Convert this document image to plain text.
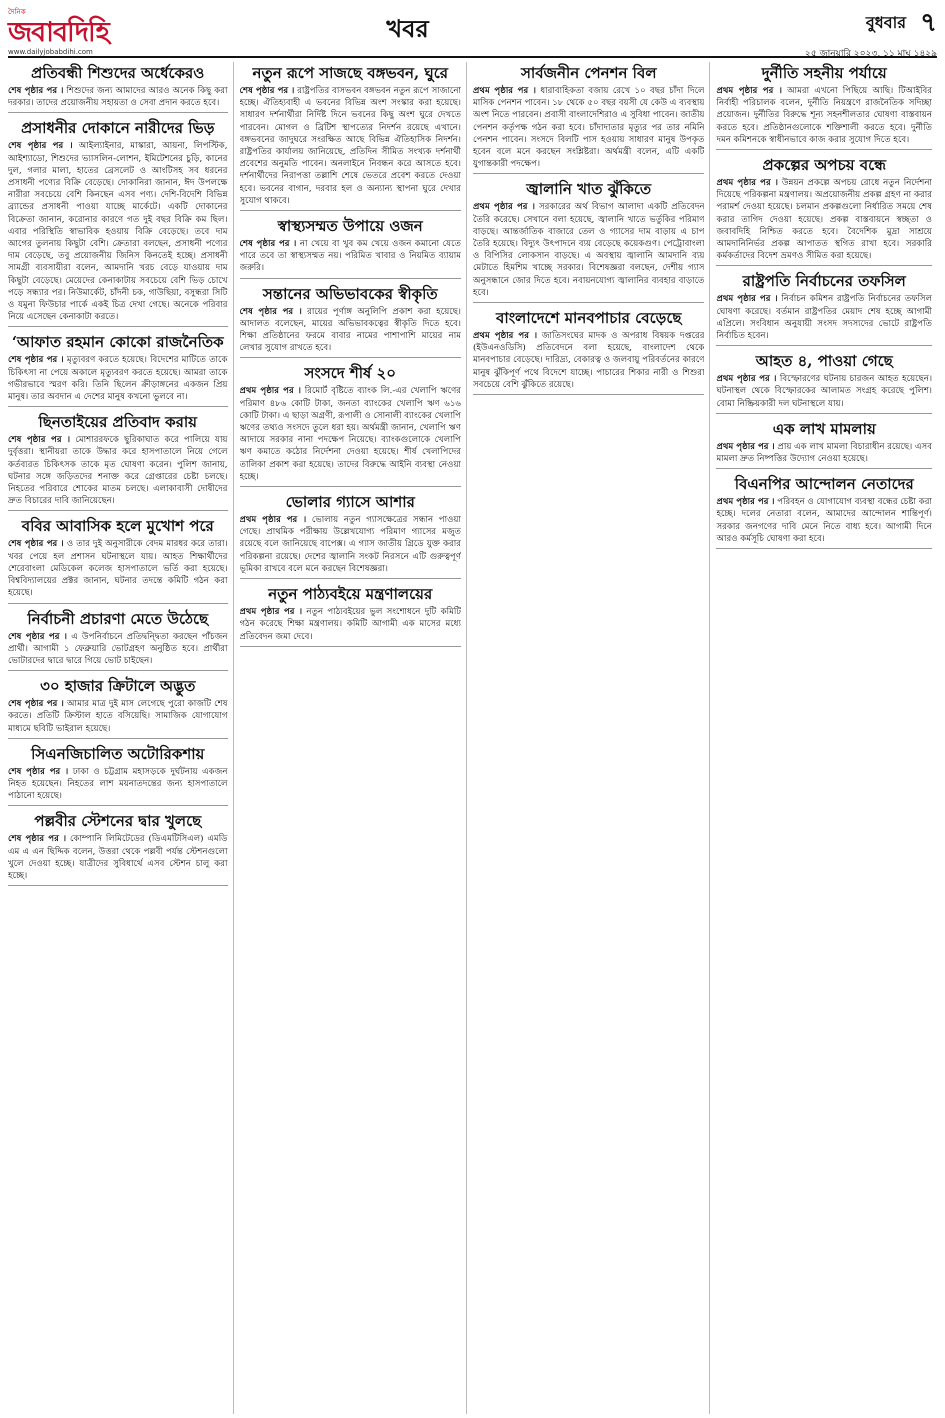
দৈনিক
জবাবদিহি
www.dailyjobabdihi.com
খবর	বুধবার ৭
২৫ জানুয়ারি ২০২৩, ১১ মাঘ ১৪২৯
প্রতিবন্ধী শিশুদের অর্ধেকেরও

শেষ পৃষ্ঠার পর । শিশুদের জন্য আমাদের আরও অনেক কিছু করা দরকার। তাদের প্রয়োজনীয় সহায়তা ও সেবা প্রদান করতে হবে।

প্রসাধনীর দোকানে নারীদের ভিড়

শেষ পৃষ্ঠার পর । আইল্যাইনার, মাস্কারা, আয়না, লিপস্টিক, আইশ্যাডো, শিশুদের ভ্যাসলিন-লোশন, ইমিটেশনের চুড়ি, কানের দুল, গলার মালা, হাতের ব্রেসলেট ও আংটিসহ সব ধরনের প্রসাধনী পণ্যের বিক্রি বেড়েছে। দোকানিরা জানান, ঈদ উপলক্ষে নারীরা সবচেয়ে বেশি কিনছেন এসব পণ্য। দেশি-বিদেশি বিভিন্ন ব্র্যান্ডের প্রসাধনী পাওয়া যাচ্ছে মার্কেটে। একটি দোকানের বিক্রেতা জানান, করোনার কারণে গত দুই বছর বিক্রি কম ছিল। এবার পরিস্থিতি স্বাভাবিক হওয়ায় বিক্রি বেড়েছে। তবে দাম আগের তুলনায় কিছুটা বেশি। ক্রেতারা বলছেন, প্রসাধনী পণ্যের দাম বেড়েছে, তবু প্রয়োজনীয় জিনিস কিনতেই হচ্ছে। প্রসাধনী সামগ্রী ব্যবসায়ীরা বলেন, আমদানি খরচ বেড়ে যাওয়ায় দাম কিছুটা বেড়েছে। মেয়েদের কেনাকাটায় সবচেয়ে বেশি ভিড় চোখে পড়ে সন্ধ্যার পর। নিউমার্কেট, চাঁদনী চক, গাউছিয়া, বসুন্ধরা সিটি ও যমুনা ফিউচার পার্কে একই চিত্র দেখা গেছে। অনেকে পরিবার নিয়ে এসেছেন কেনাকাটা করতে।

‘আফাত রহমান কোকো রাজনৈতিক

শেষ পৃষ্ঠার পর । মৃত্যুবরণ করতে হয়েছে। বিদেশের মাটিতে তাকে চিকিৎসা না পেয়ে অকালে মৃত্যুবরণ করতে হয়েছে। আমরা তাকে গভীরভাবে স্মরণ করি। তিনি ছিলেন ক্রীড়াঙ্গনের একজন প্রিয় মানুষ। তার অবদান এ দেশের মানুষ কখনো ভুলবে না।

ছিনতাইয়ের প্রতিবাদ করায়

শেষ পৃষ্ঠার পর । মোশাররফকে ছুরিকাঘাত করে পালিয়ে যায় দুর্বৃত্তরা। স্থানীয়রা তাকে উদ্ধার করে হাসপাতালে নিয়ে গেলে কর্তব্যরত চিকিৎসক তাকে মৃত ঘোষণা করেন। পুলিশ জানায়, ঘটনার সঙ্গে জড়িতদের শনাক্ত করে গ্রেপ্তারের চেষ্টা চলছে। নিহতের পরিবারে শোকের মাতম চলছে। এলাকাবাসী দোষীদের দ্রুত বিচারের দাবি জানিয়েছেন।

ববির আবাসিক হলে মুখোশ পরে

শেষ পৃষ্ঠার পর । ও তার দুই অনুসারীকে বেদম মারধর করে তারা। খবর পেয়ে হল প্রশাসন ঘটনাস্থলে যায়। আহত শিক্ষার্থীদের শেরেবাংলা মেডিকেল কলেজ হাসপাতালে ভর্তি করা হয়েছে। বিশ্ববিদ্যালয়ের প্রক্টর জানান, ঘটনার তদন্তে কমিটি গঠন করা হয়েছে।

নির্বাচনী প্রচারণা মেতে উঠেছে

শেষ পৃষ্ঠার পর । এ উপনির্বাচনে প্রতিদ্বন্দ্বিতা করছেন পাঁচজন প্রার্থী। আগামী ১ ফেব্রুয়ারি ভোটগ্রহণ অনুষ্ঠিত হবে। প্রার্থীরা ভোটারদের দ্বারে দ্বারে গিয়ে ভোট চাইছেন।

৩০ হাজার ক্রিটালে অদ্ভুত

শেষ পৃষ্ঠার পর । আমার মাত্র দুই মাস লেগেছে পুরো কাজটি শেষ করতে। প্রতিটি ক্রিস্টাল হাতে বসিয়েছি। সামাজিক যোগাযোগ মাধ্যমে ছবিটি ভাইরাল হয়েছে।

সিএনজিচালিত অটোরিকশায়

শেষ পৃষ্ঠার পর । ঢাকা ও চট্টগ্রাম মহাসড়কে দুর্ঘটনায় একজন নিহত হয়েছেন। নিহতের লাশ ময়নাতদন্তের জন্য হাসপাতালে পাঠানো হয়েছে।

পল্লবীর স্টেশনের দ্বার খুলছে

শেষ পৃষ্ঠার পর । কোম্পানি লিমিটেডের (ডিএমটিসিএল) এমডি এম এ এন ছিদ্দিক বলেন, উত্তরা থেকে পল্লবী পর্যন্ত স্টেশনগুলো খুলে দেওয়া হচ্ছে। যাত্রীদের সুবিধার্থে এসব স্টেশন চালু করা হচ্ছে।

নতুন রূপে সাজছে বঙ্গভবন, ঘুরে

শেষ পৃষ্ঠার পর । রাষ্ট্রপতির বাসভবন বঙ্গভবন নতুন রূপে সাজানো হচ্ছে। ঐতিহ্যবাহী এ ভবনের বিভিন্ন অংশ সংস্কার করা হয়েছে। সাধারণ দর্শনার্থীরা নির্দিষ্ট দিনে ভবনের কিছু অংশ ঘুরে দেখতে পারবেন। মোগল ও ব্রিটিশ স্থাপত্যের নিদর্শন রয়েছে এখানে। বঙ্গভবনের জাদুঘরে সংরক্ষিত আছে বিভিন্ন ঐতিহাসিক নিদর্শন। রাষ্ট্রপতির কার্যালয় জানিয়েছে, প্রতিদিন সীমিত সংখ্যক দর্শনার্থী প্রবেশের অনুমতি পাবেন। অনলাইনে নিবন্ধন করে আসতে হবে। দর্শনার্থীদের নিরাপত্তা তল্লাশি শেষে ভেতরে প্রবেশ করতে দেওয়া হবে। ভবনের বাগান, দরবার হল ও অন্যান্য স্থাপনা ঘুরে দেখার সুযোগ থাকবে।

স্বাস্থ্যসম্মত উপায়ে ওজন

শেষ পৃষ্ঠার পর । না খেয়ে বা খুব কম খেয়ে ওজন কমানো যেতে পারে তবে তা স্বাস্থ্যসম্মত নয়। পরিমিত খাবার ও নিয়মিত ব্যায়াম জরুরি।

সন্তানের অভিভাবকের স্বীকৃতি

শেষ পৃষ্ঠার পর । রায়ের পূর্ণাঙ্গ অনুলিপি প্রকাশ করা হয়েছে। আদালত বলেছেন, মায়ের অভিভাবকত্বের স্বীকৃতি দিতে হবে। শিক্ষা প্রতিষ্ঠানের ফরমে বাবার নামের পাশাপাশি মায়ের নাম লেখার সুযোগ রাখতে হবে।

সংসদে শীর্ষ ২০

প্রথম পৃষ্ঠার পর । রিমোর্ট বৃষ্টিতে ব্যাংক লি.-এর খেলাপি ঋণের পরিমাণ ৪৮৬ কোটি টাকা, জনতা ব্যাংকের খেলাপি ঋণ ৬১৬ কোটি টাকা। এ ছাড়া অগ্রণী, রূপালী ও সোনালী ব্যাংকের খেলাপি ঋণের তথ্যও সংসদে তুলে ধরা হয়। অর্থমন্ত্রী জানান, খেলাপি ঋণ আদায়ে সরকার নানা পদক্ষেপ নিয়েছে। ব্যাংকগুলোকে খেলাপি ঋণ কমাতে কঠোর নির্দেশনা দেওয়া হয়েছে। শীর্ষ খেলাপিদের তালিকা প্রকাশ করা হয়েছে। তাদের বিরুদ্ধে আইনি ব্যবস্থা নেওয়া হচ্ছে।

ভোলার গ্যাসে আশার

প্রথম পৃষ্ঠার পর । ভোলায় নতুন গ্যাসক্ষেত্রের সন্ধান পাওয়া গেছে। প্রাথমিক পরীক্ষায় উল্লেখযোগ্য পরিমাণ গ্যাসের মজুত রয়েছে বলে জানিয়েছে বাপেক্স। এ গ্যাস জাতীয় গ্রিডে যুক্ত করার পরিকল্পনা রয়েছে। দেশের জ্বালানি সংকট নিরসনে এটি গুরুত্বপূর্ণ ভূমিকা রাখবে বলে মনে করছেন বিশেষজ্ঞরা।

নতুন পাঠ্যবইয়ে মন্ত্রণালয়ের

প্রথম পৃষ্ঠার পর । নতুন পাঠ্যবইয়ের ভুল সংশোধনে দুটি কমিটি গঠন করেছে শিক্ষা মন্ত্রণালয়। কমিটি আগামী এক মাসের মধ্যে প্রতিবেদন জমা দেবে।

সার্বজনীন পেনশন বিল

প্রথম পৃষ্ঠার পর । ধারাবাহিকতা বজায় রেখে ১০ বছর চাঁদা দিলে মাসিক পেনশন পাবেন। ১৮ থেকে ৫০ বছর বয়সী যে কেউ এ ব্যবস্থায় অংশ নিতে পারবেন। প্রবাসী বাংলাদেশিরাও এ সুবিধা পাবেন। জাতীয় পেনশন কর্তৃপক্ষ গঠন করা হবে। চাঁদাদাতার মৃত্যুর পর তার নমিনি পেনশন পাবেন। সংসদে বিলটি পাস হওয়ায় সাধারণ মানুষ উপকৃত হবেন বলে মনে করছেন সংশ্লিষ্টরা। অর্থমন্ত্রী বলেন, এটি একটি যুগান্তকারী পদক্ষেপ।

জ্বালানি খাত ঝুঁকিতে

প্রথম পৃষ্ঠার পর । সরকারের অর্থ বিভাগ আলাদা একটি প্রতিবেদন তৈরি করেছে। সেখানে বলা হয়েছে, জ্বালানি খাতে ভর্তুকির পরিমাণ বাড়ছে। আন্তর্জাতিক বাজারে তেল ও গ্যাসের দাম বাড়ায় এ চাপ তৈরি হয়েছে। বিদ্যুৎ উৎপাদনে ব্যয় বেড়েছে কয়েকগুণ। পেট্রোবাংলা ও বিপিসির লোকসান বাড়ছে। এ অবস্থায় জ্বালানি আমদানি ব্যয় মেটাতে হিমশিম খাচ্ছে সরকার। বিশেষজ্ঞরা বলছেন, দেশীয় গ্যাস অনুসন্ধানে জোর দিতে হবে। নবায়নযোগ্য জ্বালানির ব্যবহার বাড়াতে হবে।

বাংলাদেশে মানবপাচার বেড়েছে

প্রথম পৃষ্ঠার পর । জাতিসংঘের মাদক ও অপরাধ বিষয়ক দপ্তরের (ইউএনওডিসি) প্রতিবেদনে বলা হয়েছে, বাংলাদেশ থেকে মানবপাচার বেড়েছে। দারিদ্র্য, বেকারত্ব ও জলবায়ু পরিবর্তনের কারণে মানুষ ঝুঁকিপূর্ণ পথে বিদেশে যাচ্ছে। পাচারের শিকার নারী ও শিশুরা সবচেয়ে বেশি ঝুঁকিতে রয়েছে।

দুর্নীতি সহনীয় পর্যায়ে

প্রথম পৃষ্ঠার পর । আমরা এখনো পিছিয়ে আছি। টিআইবির নির্বাহী পরিচালক বলেন, দুর্নীতি নিয়ন্ত্রণে রাজনৈতিক সদিচ্ছা প্রয়োজন। দুর্নীতির বিরুদ্ধে শূন্য সহনশীলতার ঘোষণা বাস্তবায়ন করতে হবে। প্রতিষ্ঠানগুলোকে শক্তিশালী করতে হবে। দুর্নীতি দমন কমিশনকে স্বাধীনভাবে কাজ করার সুযোগ দিতে হবে।

প্রকল্পের অপচয় বন্ধে

প্রথম পৃষ্ঠার পর । উন্নয়ন প্রকল্পে অপচয় রোধে নতুন নির্দেশনা দিয়েছে পরিকল্পনা মন্ত্রণালয়। অপ্রয়োজনীয় প্রকল্প গ্রহণ না করার পরামর্শ দেওয়া হয়েছে। চলমান প্রকল্পগুলো নির্ধারিত সময়ে শেষ করার তাগিদ দেওয়া হয়েছে। প্রকল্প বাস্তবায়নে স্বচ্ছতা ও জবাবদিহি নিশ্চিত করতে হবে। বৈদেশিক মুদ্রা সাশ্রয়ে আমদানিনির্ভর প্রকল্প আপাতত স্থগিত রাখা হবে। সরকারি কর্মকর্তাদের বিদেশ ভ্রমণও সীমিত করা হয়েছে।

রাষ্ট্রপতি নির্বাচনের তফসিল

প্রথম পৃষ্ঠার পর । নির্বাচন কমিশন রাষ্ট্রপতি নির্বাচনের তফসিল ঘোষণা করেছে। বর্তমান রাষ্ট্রপতির মেয়াদ শেষ হচ্ছে আগামী এপ্রিলে। সংবিধান অনুযায়ী সংসদ সদস্যদের ভোটে রাষ্ট্রপতি নির্বাচিত হবেন।

আহত ৪, পাওয়া গেছে

প্রথম পৃষ্ঠার পর । বিস্ফোরণের ঘটনায় চারজন আহত হয়েছেন। ঘটনাস্থল থেকে বিস্ফোরকের আলামত সংগ্রহ করেছে পুলিশ। বোমা নিষ্ক্রিয়কারী দল ঘটনাস্থলে যায়।

এক লাখ মামলায়

প্রথম পৃষ্ঠার পর । প্রায় এক লাখ মামলা বিচারাধীন রয়েছে। এসব মামলা দ্রুত নিষ্পত্তির উদ্যোগ নেওয়া হয়েছে।

বিএনপির আন্দোলন নেতাদের

প্রথম পৃষ্ঠার পর । পরিবহন ও যোগাযোগ ব্যবস্থা বন্ধের চেষ্টা করা হচ্ছে। দলের নেতারা বলেন, আমাদের আন্দোলন শান্তিপূর্ণ। সরকার জনগণের দাবি মেনে নিতে বাধ্য হবে। আগামী দিনে আরও কর্মসূচি ঘোষণা করা হবে।
